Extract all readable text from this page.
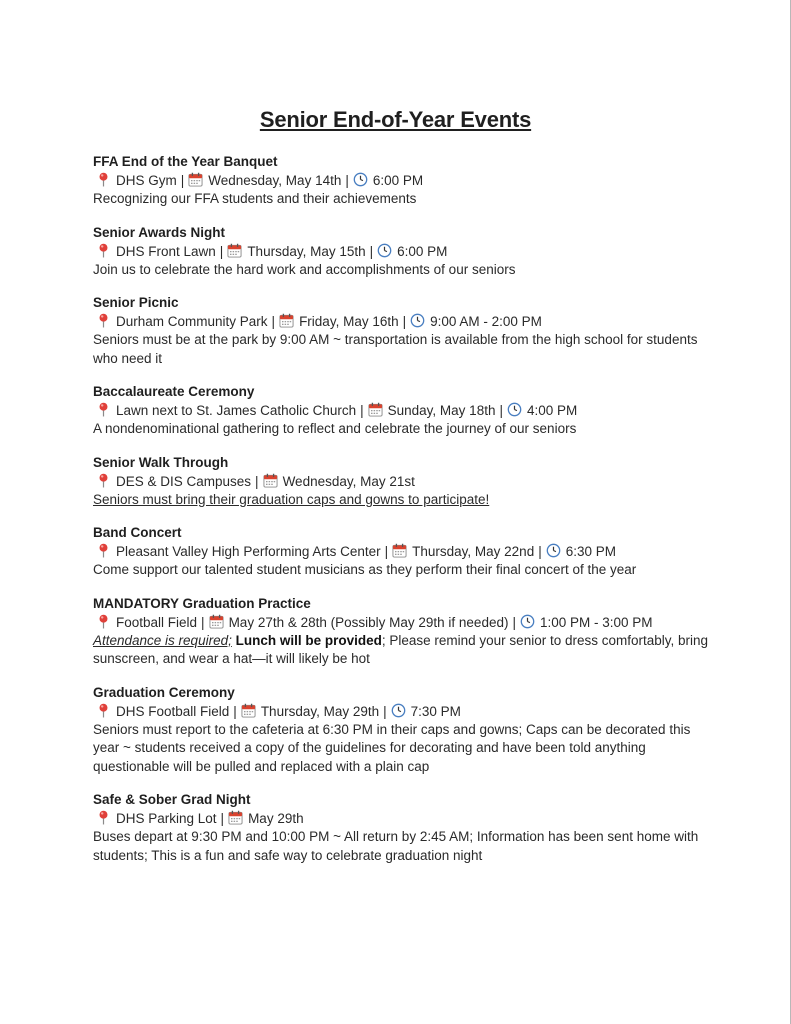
Senior End-of-Year Events
FFA End of the Year Banquet
DHS Gym | Wednesday, May 14th | 6:00 PM
Recognizing our FFA students and their achievements
Senior Awards Night
DHS Front Lawn | Thursday, May 15th | 6:00 PM
Join us to celebrate the hard work and accomplishments of our seniors
Senior Picnic
Durham Community Park | Friday, May 16th | 9:00 AM - 2:00 PM
Seniors must be at the park by 9:00 AM ~ transportation is available from the high school for students who need it
Baccalaureate Ceremony
Lawn next to St. James Catholic Church | Sunday, May 18th | 4:00 PM
A nondenominational gathering to reflect and celebrate the journey of our seniors
Senior Walk Through
DES & DIS Campuses | Wednesday, May 21st
Seniors must bring their graduation caps and gowns to participate!
Band Concert
Pleasant Valley High Performing Arts Center | Thursday, May 22nd | 6:30 PM
Come support our talented student musicians as they perform their final concert of the year
MANDATORY Graduation Practice
Football Field | May 27th & 28th (Possibly May 29th if needed) | 1:00 PM - 3:00 PM
Attendance is required; Lunch will be provided; Please remind your senior to dress comfortably, bring sunscreen, and wear a hat—it will likely be hot
Graduation Ceremony
DHS Football Field | Thursday, May 29th | 7:30 PM
Seniors must report to the cafeteria at 6:30 PM in their caps and gowns; Caps can be decorated this year ~ students received a copy of the guidelines for decorating and have been told anything questionable will be pulled and replaced with a plain cap
Safe & Sober Grad Night
DHS Parking Lot | May 29th
Buses depart at 9:30 PM and 10:00 PM ~ All return by 2:45 AM; Information has been sent home with students; This is a fun and safe way to celebrate graduation night
